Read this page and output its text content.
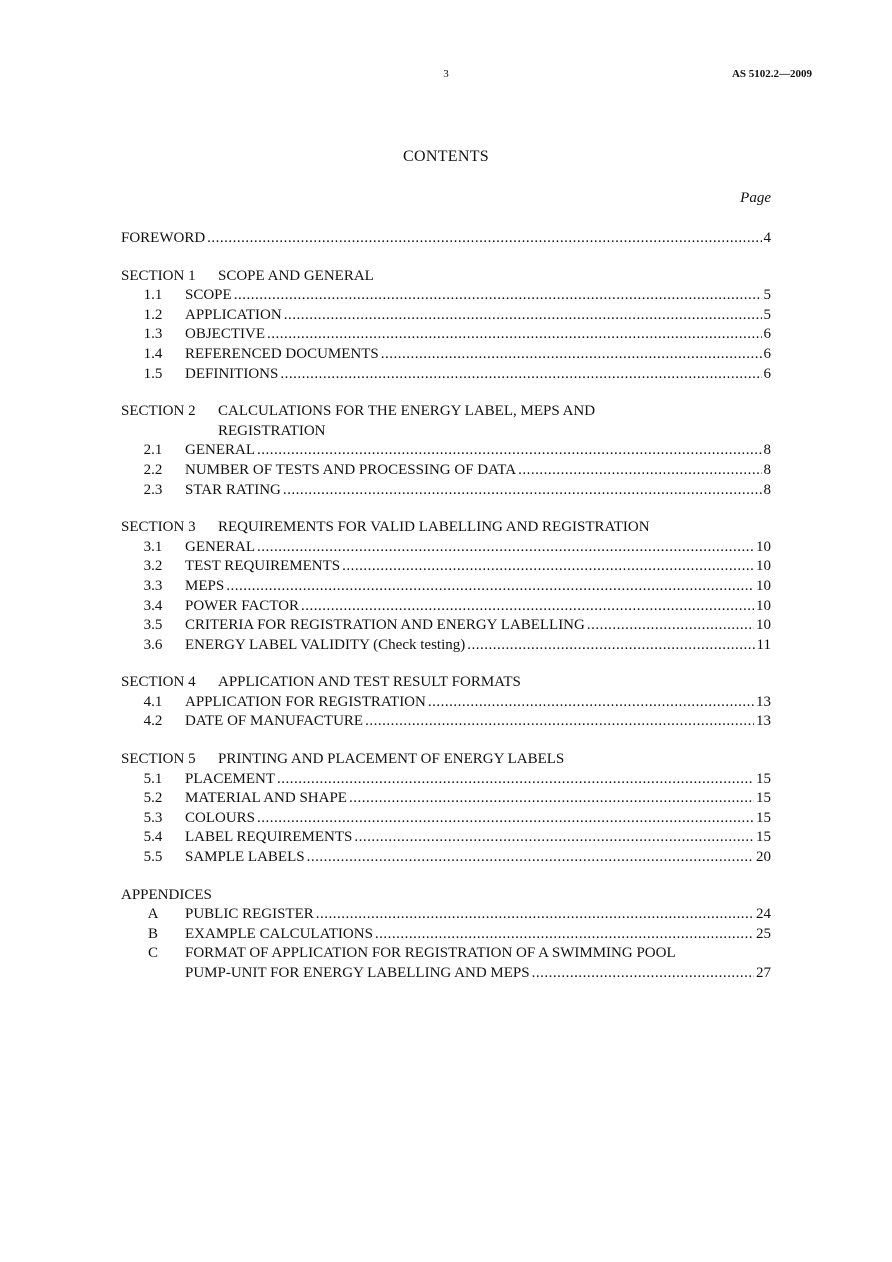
3	AS 5102.2—2009
CONTENTS
Page
FOREWORD .....	4
SECTION 1	SCOPE AND GENERAL
1.1	SCOPE .....	5
1.2	APPLICATION .....	5
1.3	OBJECTIVE .....	6
1.4	REFERENCED DOCUMENTS .....	6
1.5	DEFINITIONS .....	6
SECTION 2	CALCULATIONS FOR THE ENERGY LABEL, MEPS AND
REGISTRATION
2.1	GENERAL .....	8
2.2	NUMBER OF TESTS AND PROCESSING OF DATA .....	8
2.3	STAR RATING .....	8
SECTION 3	REQUIREMENTS FOR VALID LABELLING AND REGISTRATION
3.1	GENERAL .....	10
3.2	TEST REQUIREMENTS .....	10
3.3	MEPS .....	10
3.4	POWER FACTOR .....	10
3.5	CRITERIA FOR REGISTRATION AND ENERGY LABELLING .....	10
3.6	ENERGY LABEL VALIDITY (Check testing) .....	11
SECTION 4	APPLICATION AND TEST RESULT FORMATS
4.1	APPLICATION FOR REGISTRATION .....	13
4.2	DATE OF MANUFACTURE .....	13
SECTION 5	PRINTING AND PLACEMENT OF ENERGY LABELS
5.1	PLACEMENT .....	15
5.2	MATERIAL AND SHAPE .....	15
5.3	COLOURS .....	15
5.4	LABEL REQUIREMENTS .....	15
5.5	SAMPLE LABELS .....	20
APPENDICES
A	PUBLIC REGISTER .....	24
B	EXAMPLE CALCULATIONS .....	25
C	FORMAT OF APPLICATION FOR REGISTRATION OF A SWIMMING POOL
PUMP-UNIT FOR ENERGY LABELLING AND MEPS .....	27
